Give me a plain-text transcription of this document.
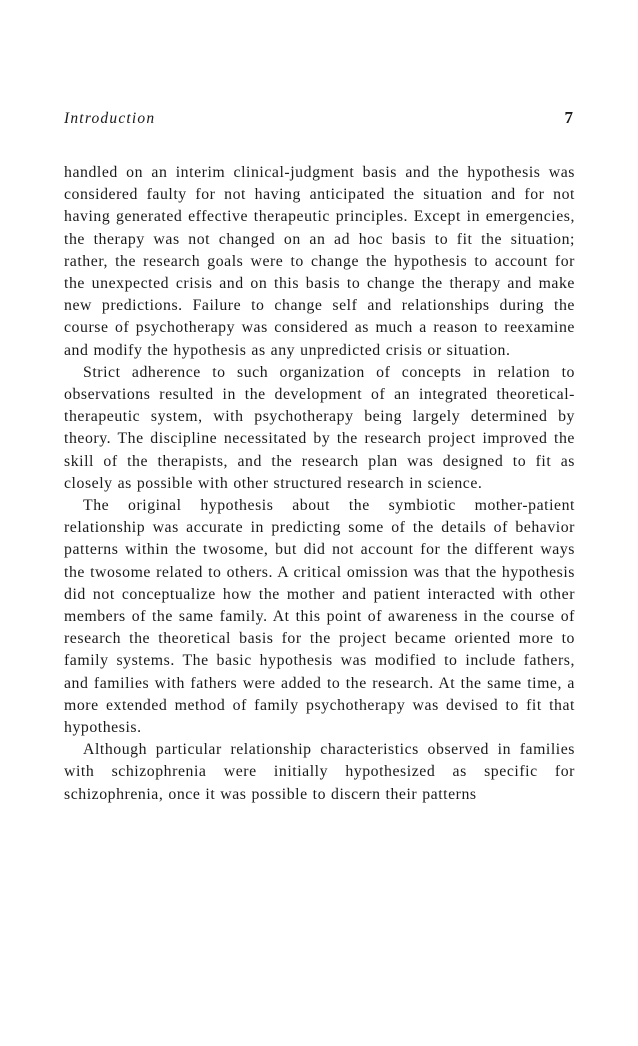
Introduction	7

handled on an interim clinical-judgment basis and the hypothesis was considered faulty for not having anticipated the situation and for not having generated effective therapeutic principles. Except in emergencies, the therapy was not changed on an ad hoc basis to fit the situation; rather, the research goals were to change the hypothesis to account for the unexpected crisis and on this basis to change the therapy and make new predictions. Failure to change self and relationships during the course of psychotherapy was considered as much a reason to reexamine and modify the hypothesis as any unpredicted crisis or situation.

Strict adherence to such organization of concepts in relation to observations resulted in the development of an integrated theoretical-therapeutic system, with psychotherapy being largely determined by theory. The discipline necessitated by the research project improved the skill of the therapists, and the research plan was designed to fit as closely as possible with other structured research in science.

The original hypothesis about the symbiotic mother-patient relationship was accurate in predicting some of the details of behavior patterns within the twosome, but did not account for the different ways the twosome related to others. A critical omission was that the hypothesis did not conceptualize how the mother and patient interacted with other members of the same family. At this point of awareness in the course of research the theoretical basis for the project became oriented more to family systems. The basic hypothesis was modified to include fathers, and families with fathers were added to the research. At the same time, a more extended method of family psychotherapy was devised to fit that hypothesis.

Although particular relationship characteristics observed in families with schizophrenia were initially hypothesized as specific for schizophrenia, once it was possible to discern their patterns
